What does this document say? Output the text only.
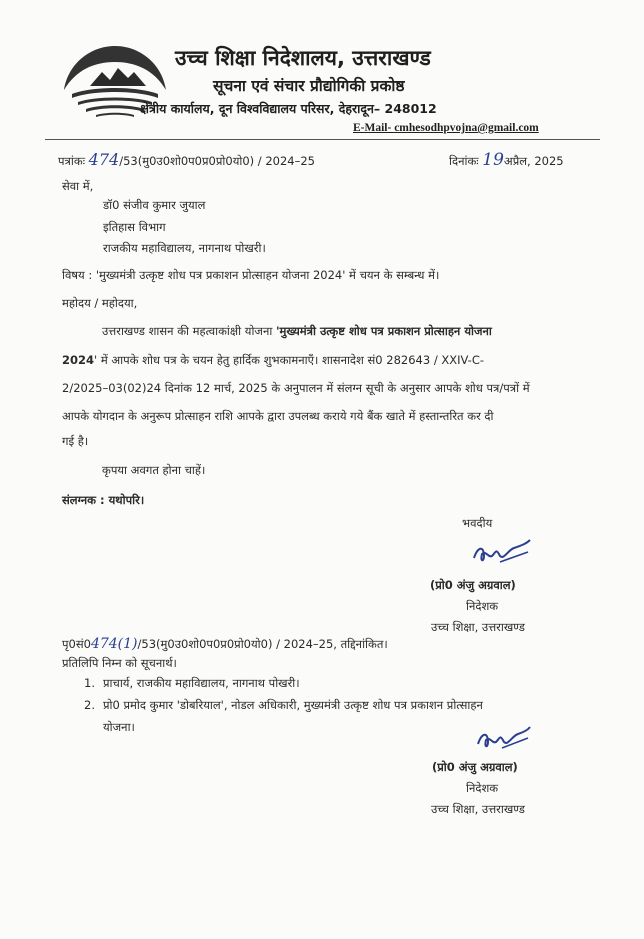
उच्च शिक्षा निदेशालय, उत्तराखण्ड
सूचना एवं संचार प्रौद्योगिकी प्रकोष्ठ
क्षेत्रीय कार्यालय, दून विश्वविद्यालय परिसर, देहरादून– 248012
E-Mail- cmhesodhpvojna@gmail.com
पत्रांकः 474/53(मु0उ0शो0प0प्र0प्रो0यो0) / 2024–25	दिनांकः 19अप्रैल, 2025
सेवा में,
डॉ0 संजीव कुमार जुयाल
इतिहास विभाग
राजकीय महाविद्यालय, नागनाथ पोखरी।
विषय : 'मुख्यमंत्री उत्कृष्ट शोध पत्र प्रकाशन प्रोत्साहन योजना 2024' में चयन के सम्बन्ध में।
महोदय / महोदया,
उत्तराखण्ड शासन की महत्वाकांक्षी योजना 'मुख्यमंत्री उत्कृष्ट शोध पत्र प्रकाशन प्रोत्साहन योजना
2024' में आपके शोध पत्र के चयन हेतु हार्दिक शुभकामनाएँ। शासनादेश सं0 282643 / XXIV-C-
2/2025–03(02)24 दिनांक 12 मार्च, 2025 के अनुपालन में संलग्न सूची के अनुसार आपके शोध पत्र/पत्रों में
आपके योगदान के अनुरूप प्रोत्साहन राशि आपके द्वारा उपलब्ध कराये गये बैंक खाते में हस्तान्तरित कर दी
गई है।
कृपया अवगत होना चाहें।
संलग्नक : यथोपरि।
भवदीय
(प्रो0 अंजु अग्रवाल)
निदेशक
उच्च शिक्षा, उत्तराखण्ड
पृ0सं0474(1)/53(मु0उ0शो0प0प्र0प्रो0यो0) / 2024–25, तद्दिनांकित।
प्रतिलिपि निम्न को सूचनार्थ।
1. प्राचार्य, राजकीय महाविद्यालय, नागनाथ पोखरी।
2. प्रो0 प्रमोद कुमार 'डोबरियाल', नोडल अधिकारी, मुख्यमंत्री उत्कृष्ट शोध पत्र प्रकाशन प्रोत्साहन
योजना।
(प्रो0 अंजु अग्रवाल)
निदेशक
उच्च शिक्षा, उत्तराखण्ड
